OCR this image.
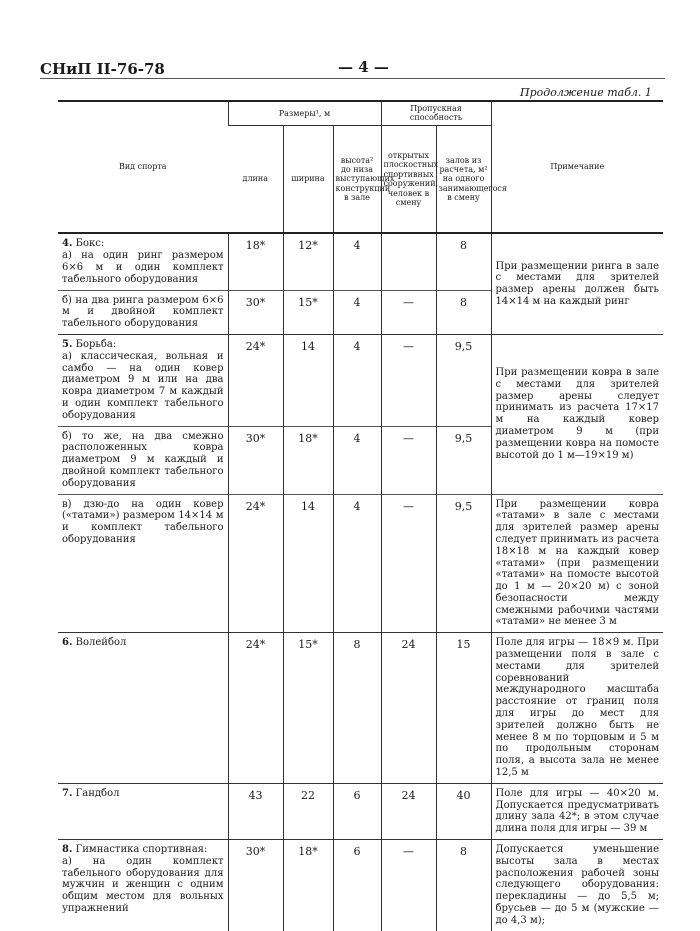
СНиП II-76-78	— 4 —
Продолжение табл. 1
Вид спорта	Размеры¹, м			Пропускная способность		Примечание
	длина	ширина	высота² до низа выступающих конструкций в зале	открытых плоскостных спортивных сооружений, человек в смену	залов из расчета, м² на одного занимающегося в смену	
4. Бокс:
а) на один ринг размером 6×6 м и один комплект табельного оборудования	18*	12*	4		8	При размещении ринга в зале с местами для зрителей размер арены должен быть 14×14 м на каждый ринг
б) на два ринга размером 6×6 м и двойной комплект табельного оборудования	30*	15*	4	—	8	
5. Борьба:
а) классическая, вольная и самбо — на один ковер диаметром 9 м или на два ковра диаметром 7 м каждый и один комплект табельного оборудования	24*	14	4	—	9,5	При размещении ковра в зале с местами для зрителей размер арены следует принимать из расчета 17×17 м на каждый ковер диаметром 9 м (при размещении ковра на помосте высотой до 1 м—19×19 м)
б) то же, на два смежно расположенных ковра диаметром 9 м каждый и двойной комплект табельного оборудования	30*	18*	4	—	9,5	
в) дзю-до на один ковер («татами») размером 14×14 м и комплект табельного оборудования	24*	14	4	—	9,5	При размещении ковра «татами» в зале с местами для зрителей размер арены следует принимать из расчета 18×18 м на каждый ковер «татами» (при размещении «татами» на помосте высотой до 1 м — 20×20 м) с зоной безопасности между смежными рабочими частями «татами» не менее 3 м
6. Волейбол	24*	15*	8	24	15	Поле для игры — 18×9 м. При размещении поля в зале с местами для зрителей соревнований международного масштаба расстояние от границ поля для игры до мест для зрителей должно быть не менее 8 м по торцовым и 5 м по продольным сторонам поля, а высота зала не менее 12,5 м
7. Гандбол	43	22	6	24	40	Поле для игры — 40×20 м. Допускается предусматривать длину зала 42*; в этом случае длина поля для игры — 39 м
8. Гимнастика спортивная:
а) на один комплект табельного оборудования для мужчин и женщин с одним общим местом для вольных упражнений	30*	18*	6	—	8	Допускается уменьшение высоты зала в местах расположения рабочей зоны следующего оборудования: перекладины — до 5,5 м; брусьев — до 5 м (мужские — до 4,3 м);
